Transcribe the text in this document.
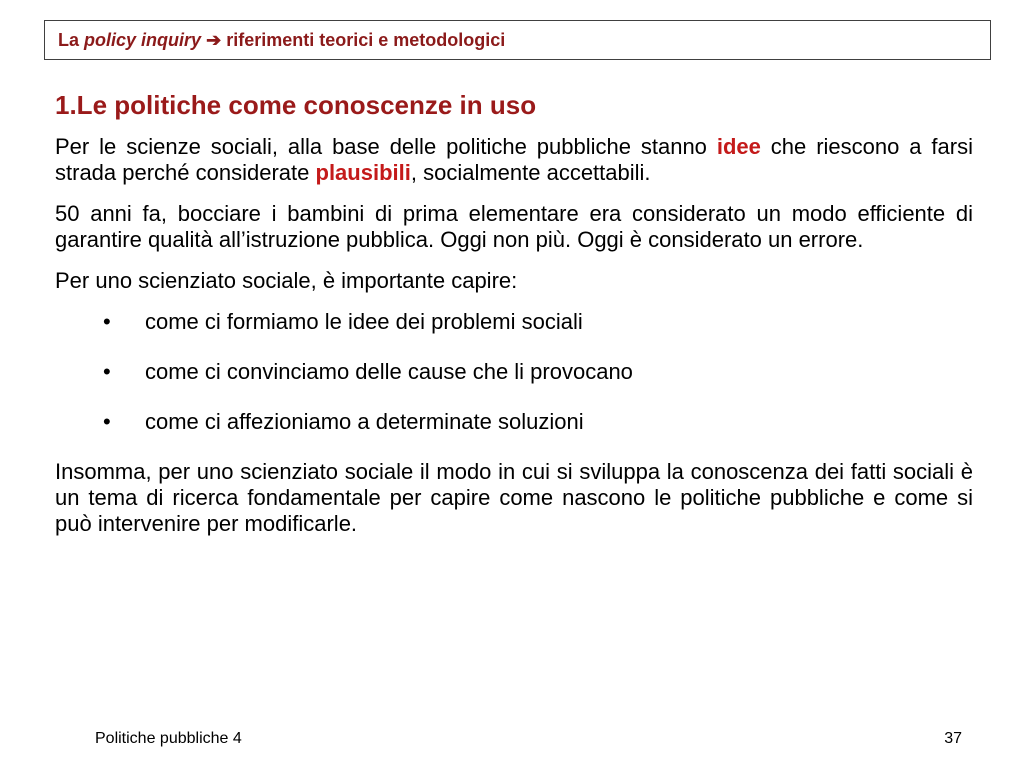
La policy inquiry ➔ riferimenti teorici e metodologici
1.Le politiche come conoscenze in uso

Per le scienze sociali, alla base delle politiche pubbliche stanno idee che riescono a farsi strada perché considerate plausibili, socialmente accettabili.

50 anni fa, bocciare i bambini di prima elementare era considerato un modo efficiente di garantire qualità all’istruzione pubblica. Oggi non più. Oggi è considerato un errore.

Per uno scienziato sociale, è importante capire:

• come ci formiamo le idee dei problemi sociali
• come ci convinciamo delle cause che li provocano
• come ci affezioniamo a determinate soluzioni

Insomma, per uno scienziato sociale il modo in cui si sviluppa la conoscenza dei fatti sociali è un tema di ricerca fondamentale per capire come nascono le politiche pubbliche e come si può intervenire per modificarle.

Politiche pubbliche 4	37
